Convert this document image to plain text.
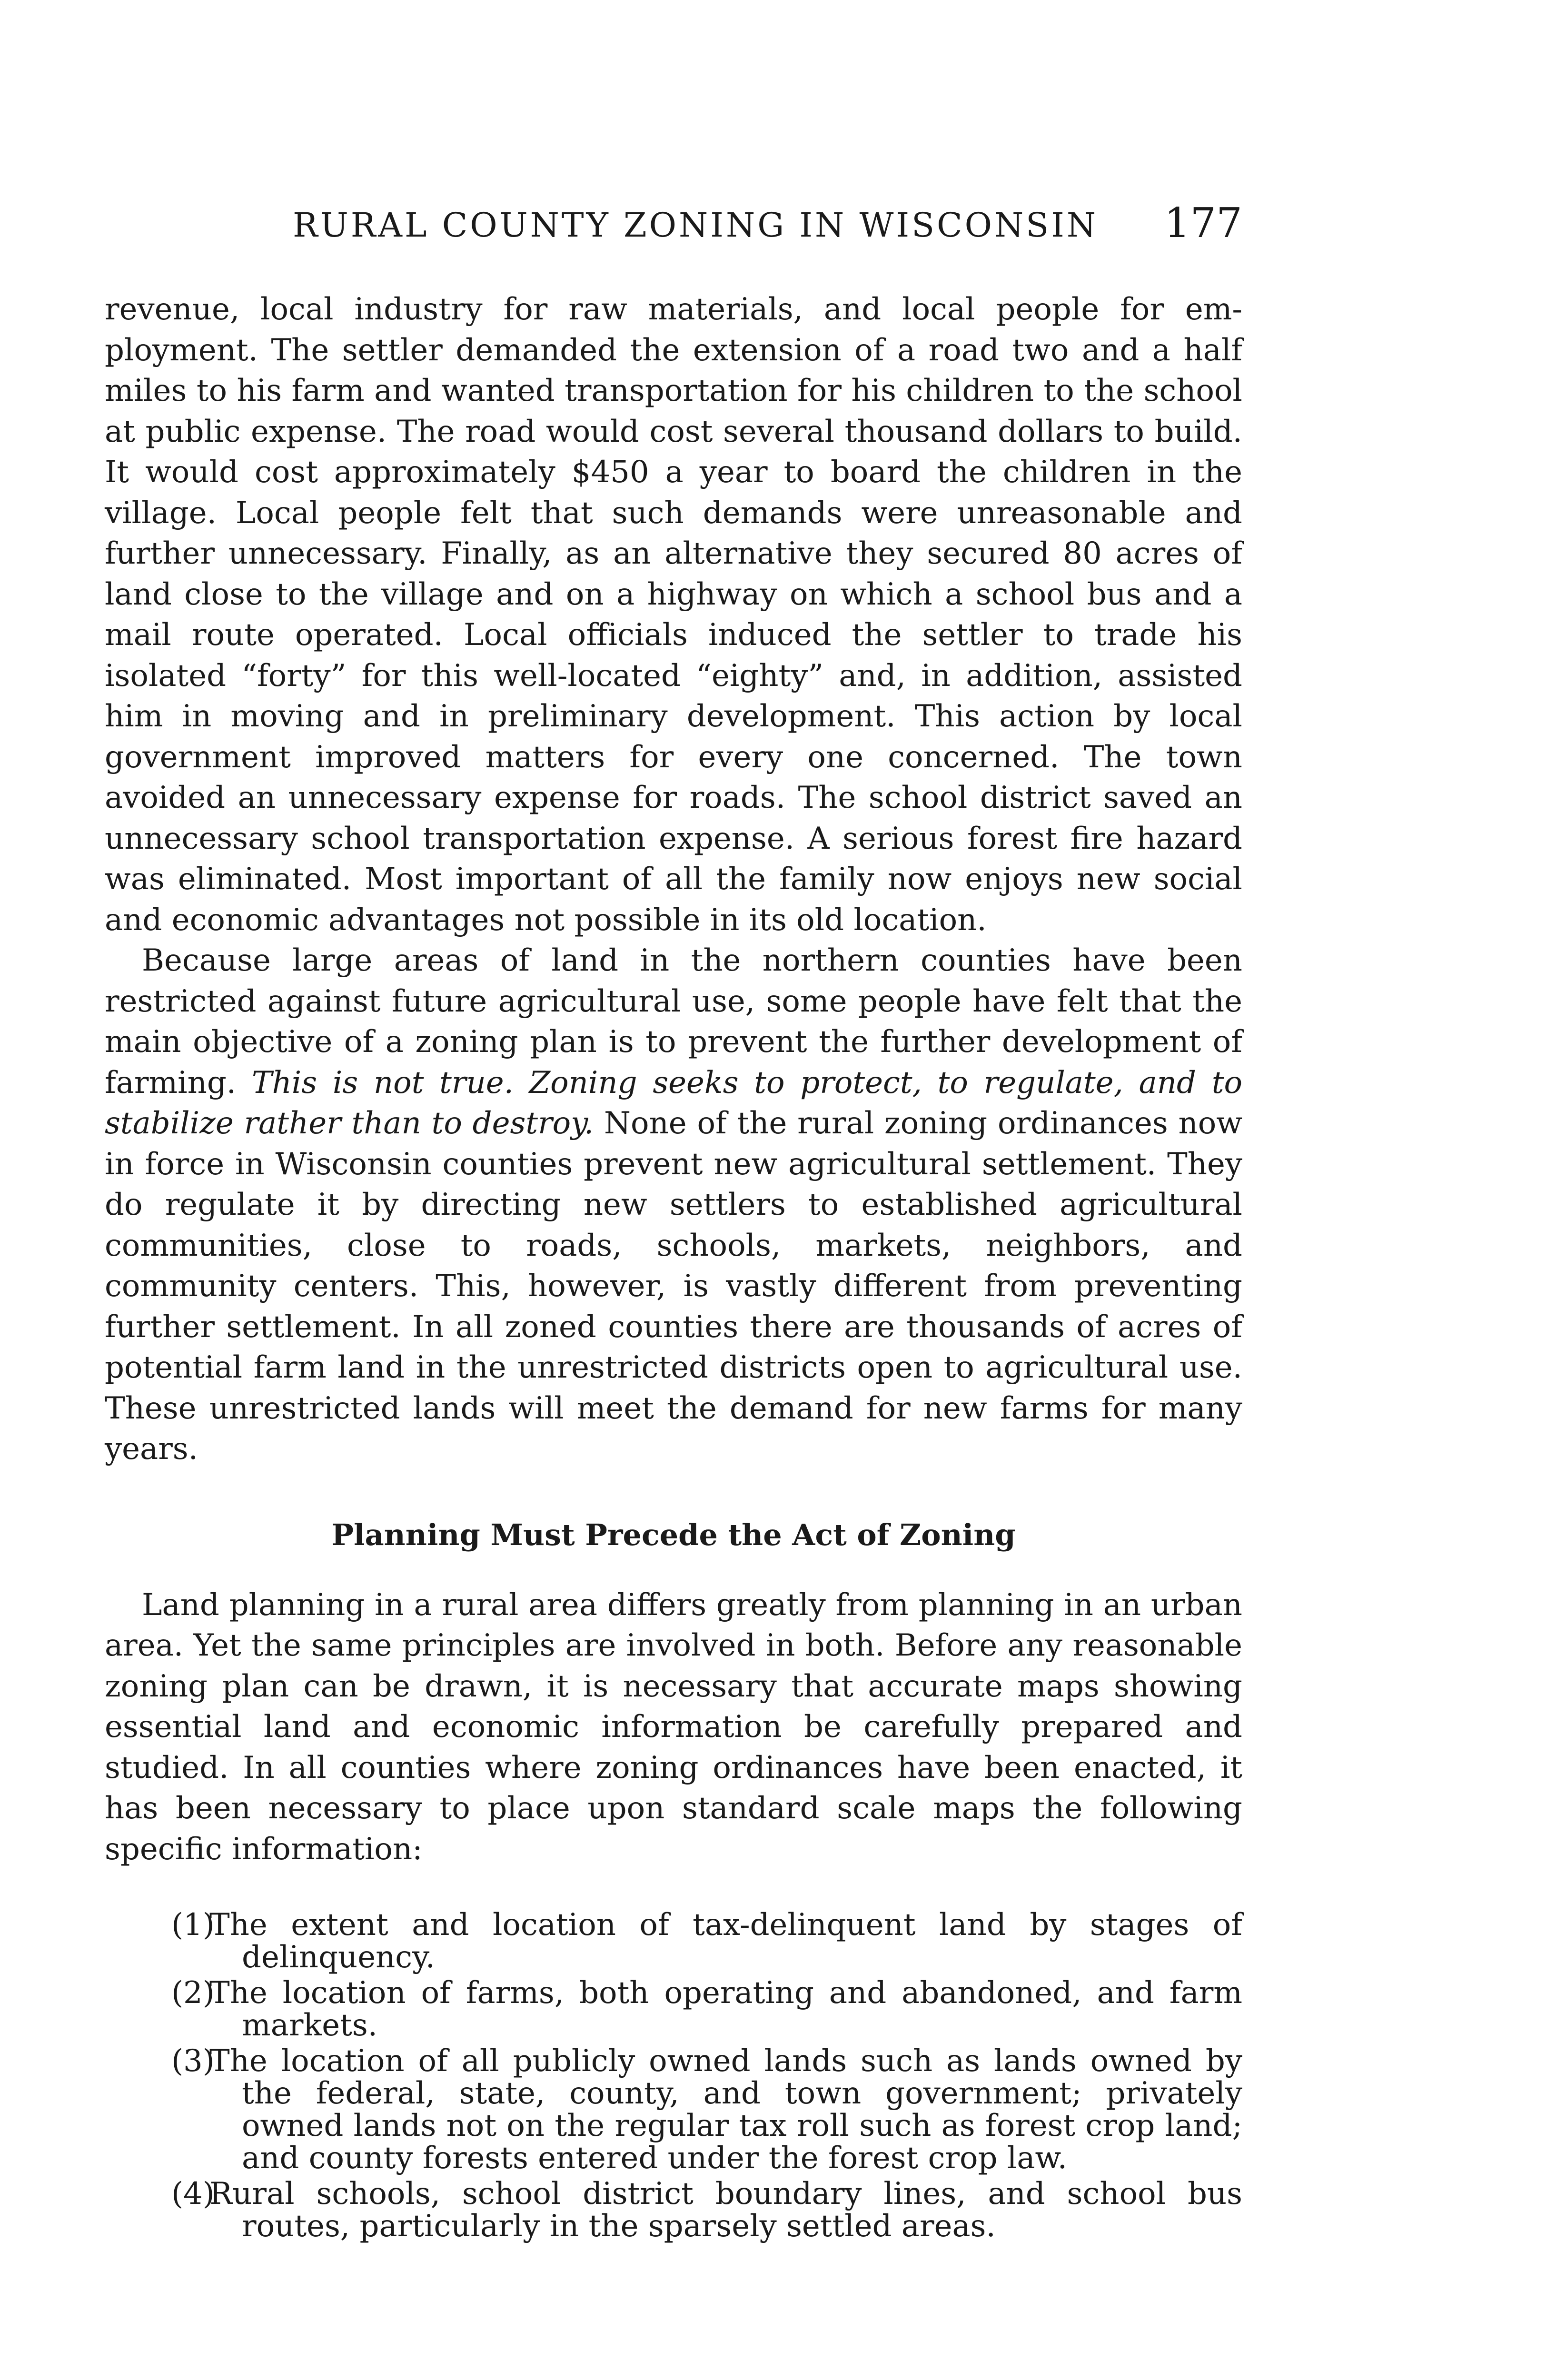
RURAL COUNTY ZONING IN WISCONSIN 177

revenue, local industry for raw materials, and local people for employment. The settler demanded the extension of a road two and a half miles to his farm and wanted transportation for his children to the school at public expense. The road would cost several thousand dollars to build. It would cost approximately $450 a year to board the children in the village. Local people felt that such demands were unreasonable and further unnecessary. Finally, as an alternative they secured 80 acres of land close to the village and on a highway on which a school bus and a mail route operated. Local officials induced the settler to trade his isolated “forty” for this well-located “eighty” and, in addition, assisted him in moving and in preliminary development. This action by local government improved matters for every one concerned. The town avoided an unnecessary expense for roads. The school district saved an unnecessary school transportation expense. A serious forest fire hazard was eliminated. Most important of all the family now enjoys new social and economic advantages not possible in its old location.

Because large areas of land in the northern counties have been restricted against future agricultural use, some people have felt that the main objective of a zoning plan is to prevent the further development of farming. This is not true. Zoning seeks to protect, to regulate, and to stabilize rather than to destroy. None of the rural zoning ordinances now in force in Wisconsin counties prevent new agricultural settlement. They do regulate it by directing new settlers to established agricultural communities, close to roads, schools, markets, neighbors, and community centers. This, however, is vastly different from preventing further settlement. In all zoned counties there are thousands of acres of potential farm land in the unrestricted districts open to agricultural use. These unrestricted lands will meet the demand for new farms for many years.

Planning Must Precede the Act of Zoning

Land planning in a rural area differs greatly from planning in an urban area. Yet the same principles are involved in both. Before any reasonable zoning plan can be drawn, it is necessary that accurate maps showing essential land and economic information be carefully prepared and studied. In all counties where zoning ordinances have been enacted, it has been necessary to place upon standard scale maps the following specific information:

(1)
The extent and location of tax-delinquent land by stages of delinquency.
(2)
The location of farms, both operating and abandoned, and farm markets.
(3)
The location of all publicly owned lands such as lands owned by the federal, state, county, and town government; privately owned lands not on the regular tax roll such as forest crop land; and county forests entered under the forest crop law.
(4)
Rural schools, school district boundary lines, and school bus routes, particularly in the sparsely settled areas.
